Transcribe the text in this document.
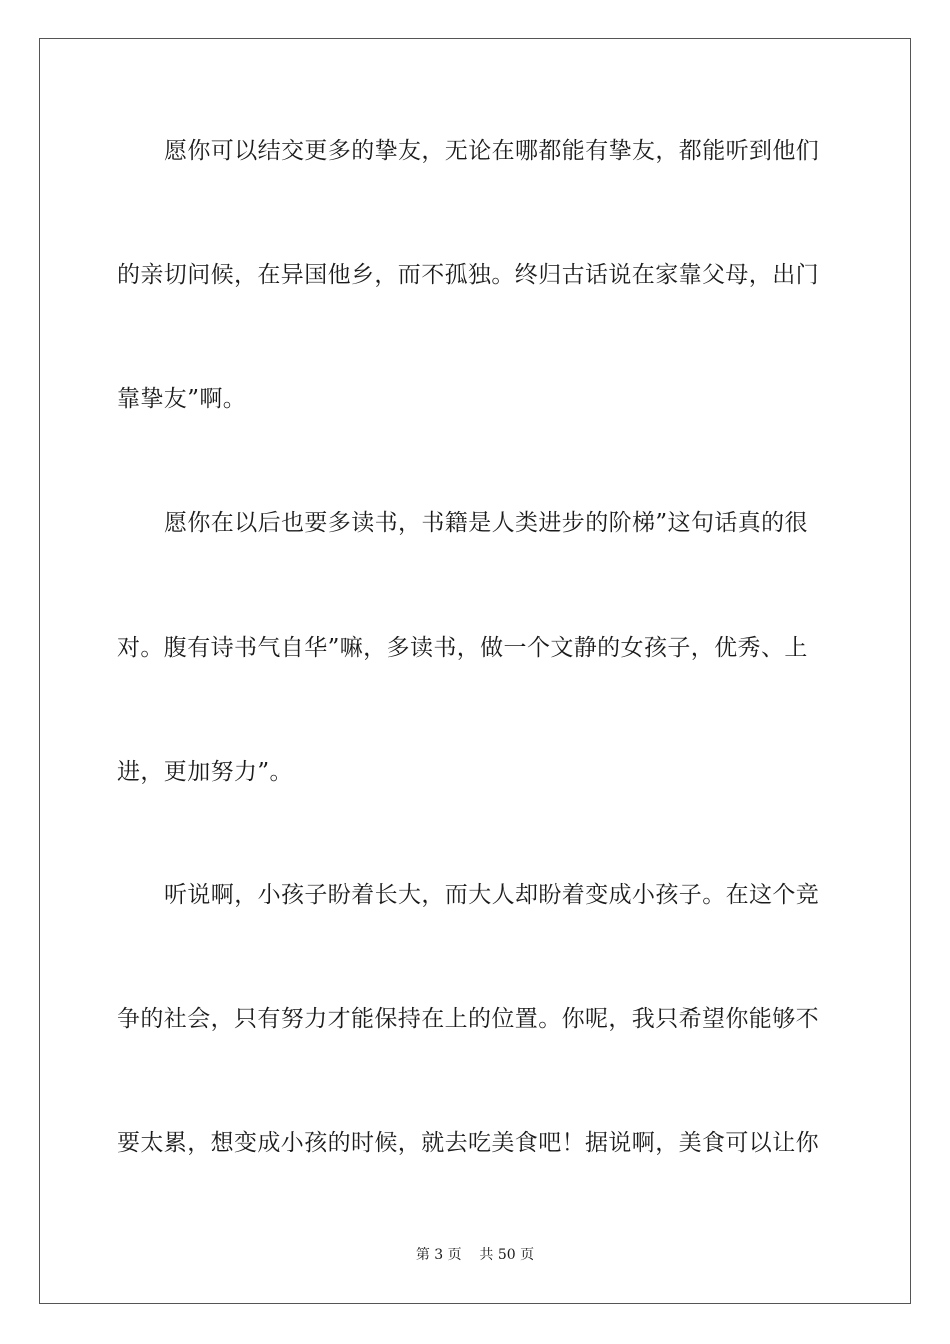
愿你可以结交更多的挚友，无论在哪都能有挚友，都能听到他们
的亲切问候，在异国他乡，而不孤独。终归古话说在家靠父母，出门
靠挚友”啊。
愿你在以后也要多读书，书籍是人类进步的阶梯”这句话真的很
对。腹有诗书气自华”嘛，多读书，做一个文静的女孩子，优秀、上
进，更加努力”。
听说啊，小孩子盼着长大，而大人却盼着变成小孩子。在这个竞
争的社会，只有努力才能保持在上的位置。你呢，我只希望你能够不
要太累，想变成小孩的时候，就去吃美食吧！据说啊，美食可以让你
第 3 页    共 50 页
